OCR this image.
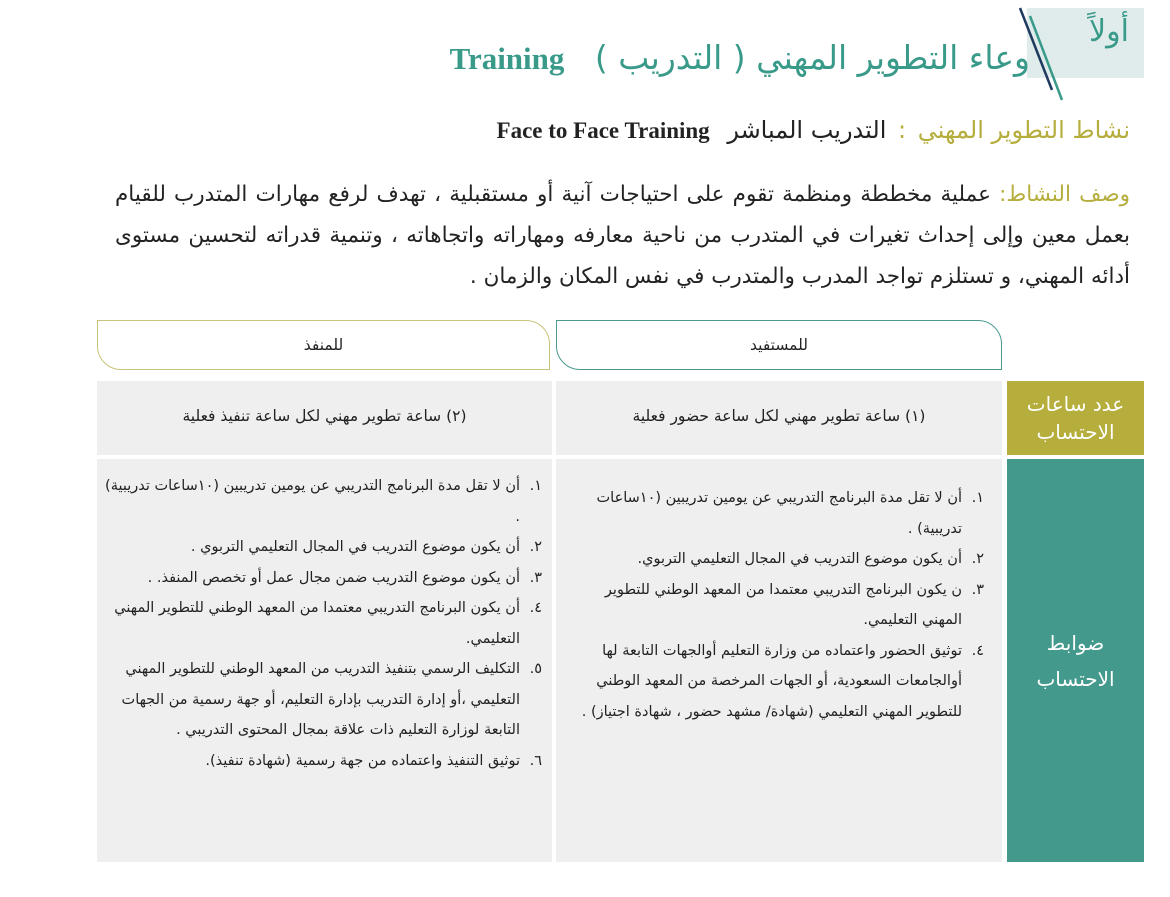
أولاً
وعاء التطوير المهني ( التدريب ) Training
نشاط التطوير المهني : التدريب المباشر Face to Face Training
وصف النشاط: عملية مخططة ومنظمة تقوم على احتياجات آنية أو مستقبلية ، تهدف لرفع مهارات المتدرب للقيام بعمل معين وإلى إحداث تغيرات في المتدرب من ناحية معارفه ومهاراته واتجاهاته ، وتنمية قدراته لتحسين مستوى أدائه المهني، و تستلزم تواجد المدرب والمتدرب في نفس المكان والزمان .
للمستفيد
للمنفذ
عدد ساعات الاحتساب
(١) ساعة تطوير مهني لكل ساعة حضور فعلية
(٢) ساعة تطوير مهني لكل ساعة تنفيذ فعلية
ضوابط الاحتساب
١.
أن لا تقل مدة البرنامج التدريبي عن يومين تدريبين (١٠ساعات تدريبية) .
٢.
أن يكون موضوع التدريب في المجال التعليمي التربوي.
٣.
ن يكون البرنامج التدريبي معتمدا من المعهد الوطني للتطوير المهني التعليمي.
٤.
توثيق الحضور واعتماده من وزارة التعليم أوالجهات التابعة لها أوالجامعات السعودية، أو الجهات المرخصة من المعهد الوطني للتطوير المهني التعليمي (شهادة/ مشهد حضور ، شهادة اجتياز) .
١.
أن لا تقل مدة البرنامج التدريبي عن يومين تدريبين (١٠ساعات تدريبية) .
٢.
أن يكون موضوع التدريب في المجال التعليمي التربوي .
٣.
أن يكون موضوع التدريب ضمن مجال عمل أو تخصص المنفذ. .
٤.
أن يكون البرنامج التدريبي معتمدا من المعهد الوطني للتطوير المهني التعليمي.
٥.
التكليف الرسمي بتنفيذ التدريب من المعهد الوطني للتطوير المهني التعليمي ،أو إدارة التدريب بإدارة التعليم، أو جهة رسمية من الجهات التابعة لوزارة التعليم ذات علاقة بمجال المحتوى التدريبي .
٦.
توثيق التنفيذ واعتماده من جهة رسمية (شهادة تنفيذ).
